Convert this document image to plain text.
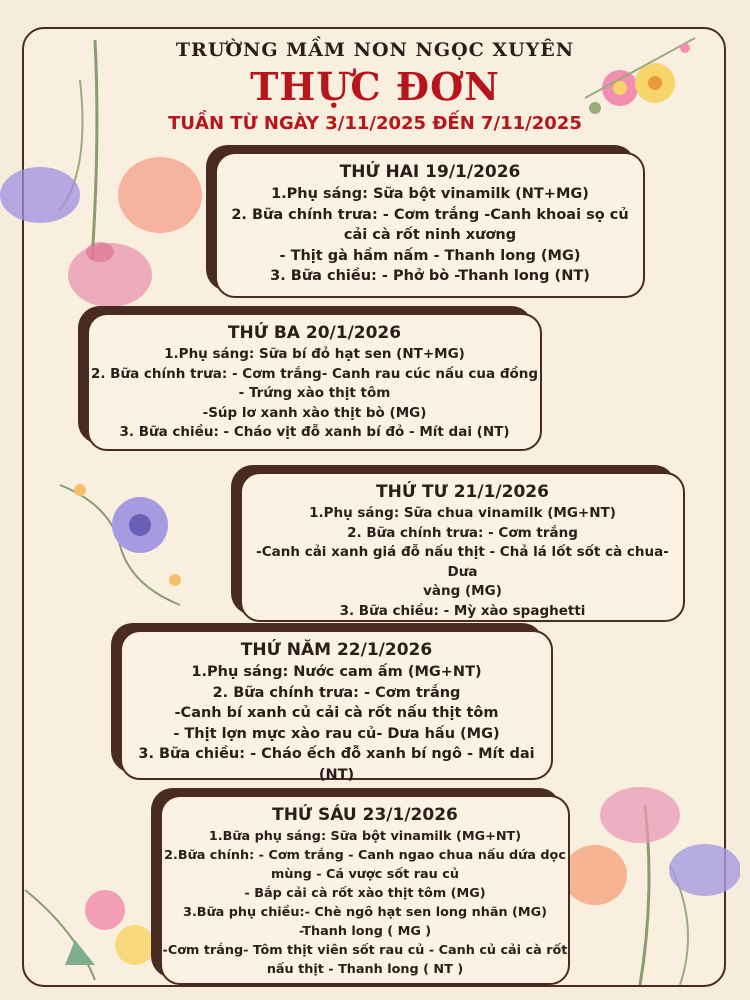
TRƯỜNG MẦM NON NGỌC XUYÊN
THỰC ĐƠN
TUẦN TỪ NGÀY 3/11/2025 ĐẾN 7/11/2025
THỨ HAI 19/1/2026
1.Phụ sáng: Sữa bột vinamilk (NT+MG)
2. Bữa chính trưa: - Cơm trắng -Canh khoai sọ củ
cải cà rốt ninh xương
- Thịt gà hầm nấm - Thanh long (MG)
3. Bữa chiều: - Phở bò -Thanh long (NT)
THỨ BA 20/1/2026
1.Phụ sáng: Sữa bí đỏ hạt sen (NT+MG)
2. Bữa chính trưa: - Cơm trắng- Canh rau cúc nấu cua đồng
- Trứng xào thịt tôm
-Súp lơ xanh xào thịt bò (MG)
3. Bữa chiều: - Cháo vịt đỗ xanh bí đỏ - Mít dai (NT)
THỨ TƯ 21/1/2026
1.Phụ sáng: Sữa chua vinamilk (MG+NT)
2. Bữa chính trưa: - Cơm trắng
-Canh cải xanh giá đỗ nấu thịt - Chả lá lốt sốt cà chua- Dưa
vàng (MG)
3. Bữa chiều: - Mỳ xào spaghetti
THỨ NĂM 22/1/2026
1.Phụ sáng: Nước cam ấm (MG+NT)
2. Bữa chính trưa: - Cơm trắng
-Canh bí xanh củ cải cà rốt nấu thịt tôm
- Thịt lợn mực xào rau củ- Dưa hấu (MG)
3. Bữa chiều: - Cháo ếch đỗ xanh bí ngô - Mít dai (NT)
THỨ SÁU 23/1/2026
1.Bữa phụ sáng: Sữa bột vinamilk (MG+NT)
2.Bữa chính: - Cơm trắng - Canh ngao chua nấu dứa dọc
mùng - Cá vược sốt rau củ
- Bắp cải cà rốt xào thịt tôm (MG)
3.Bữa phụ chiều:- Chè ngô hạt sen long nhãn (MG)
-Thanh long ( MG )
-Cơm trắng- Tôm thịt viên sốt rau củ - Canh củ cải cà rốt
nấu thịt - Thanh long ( NT )
